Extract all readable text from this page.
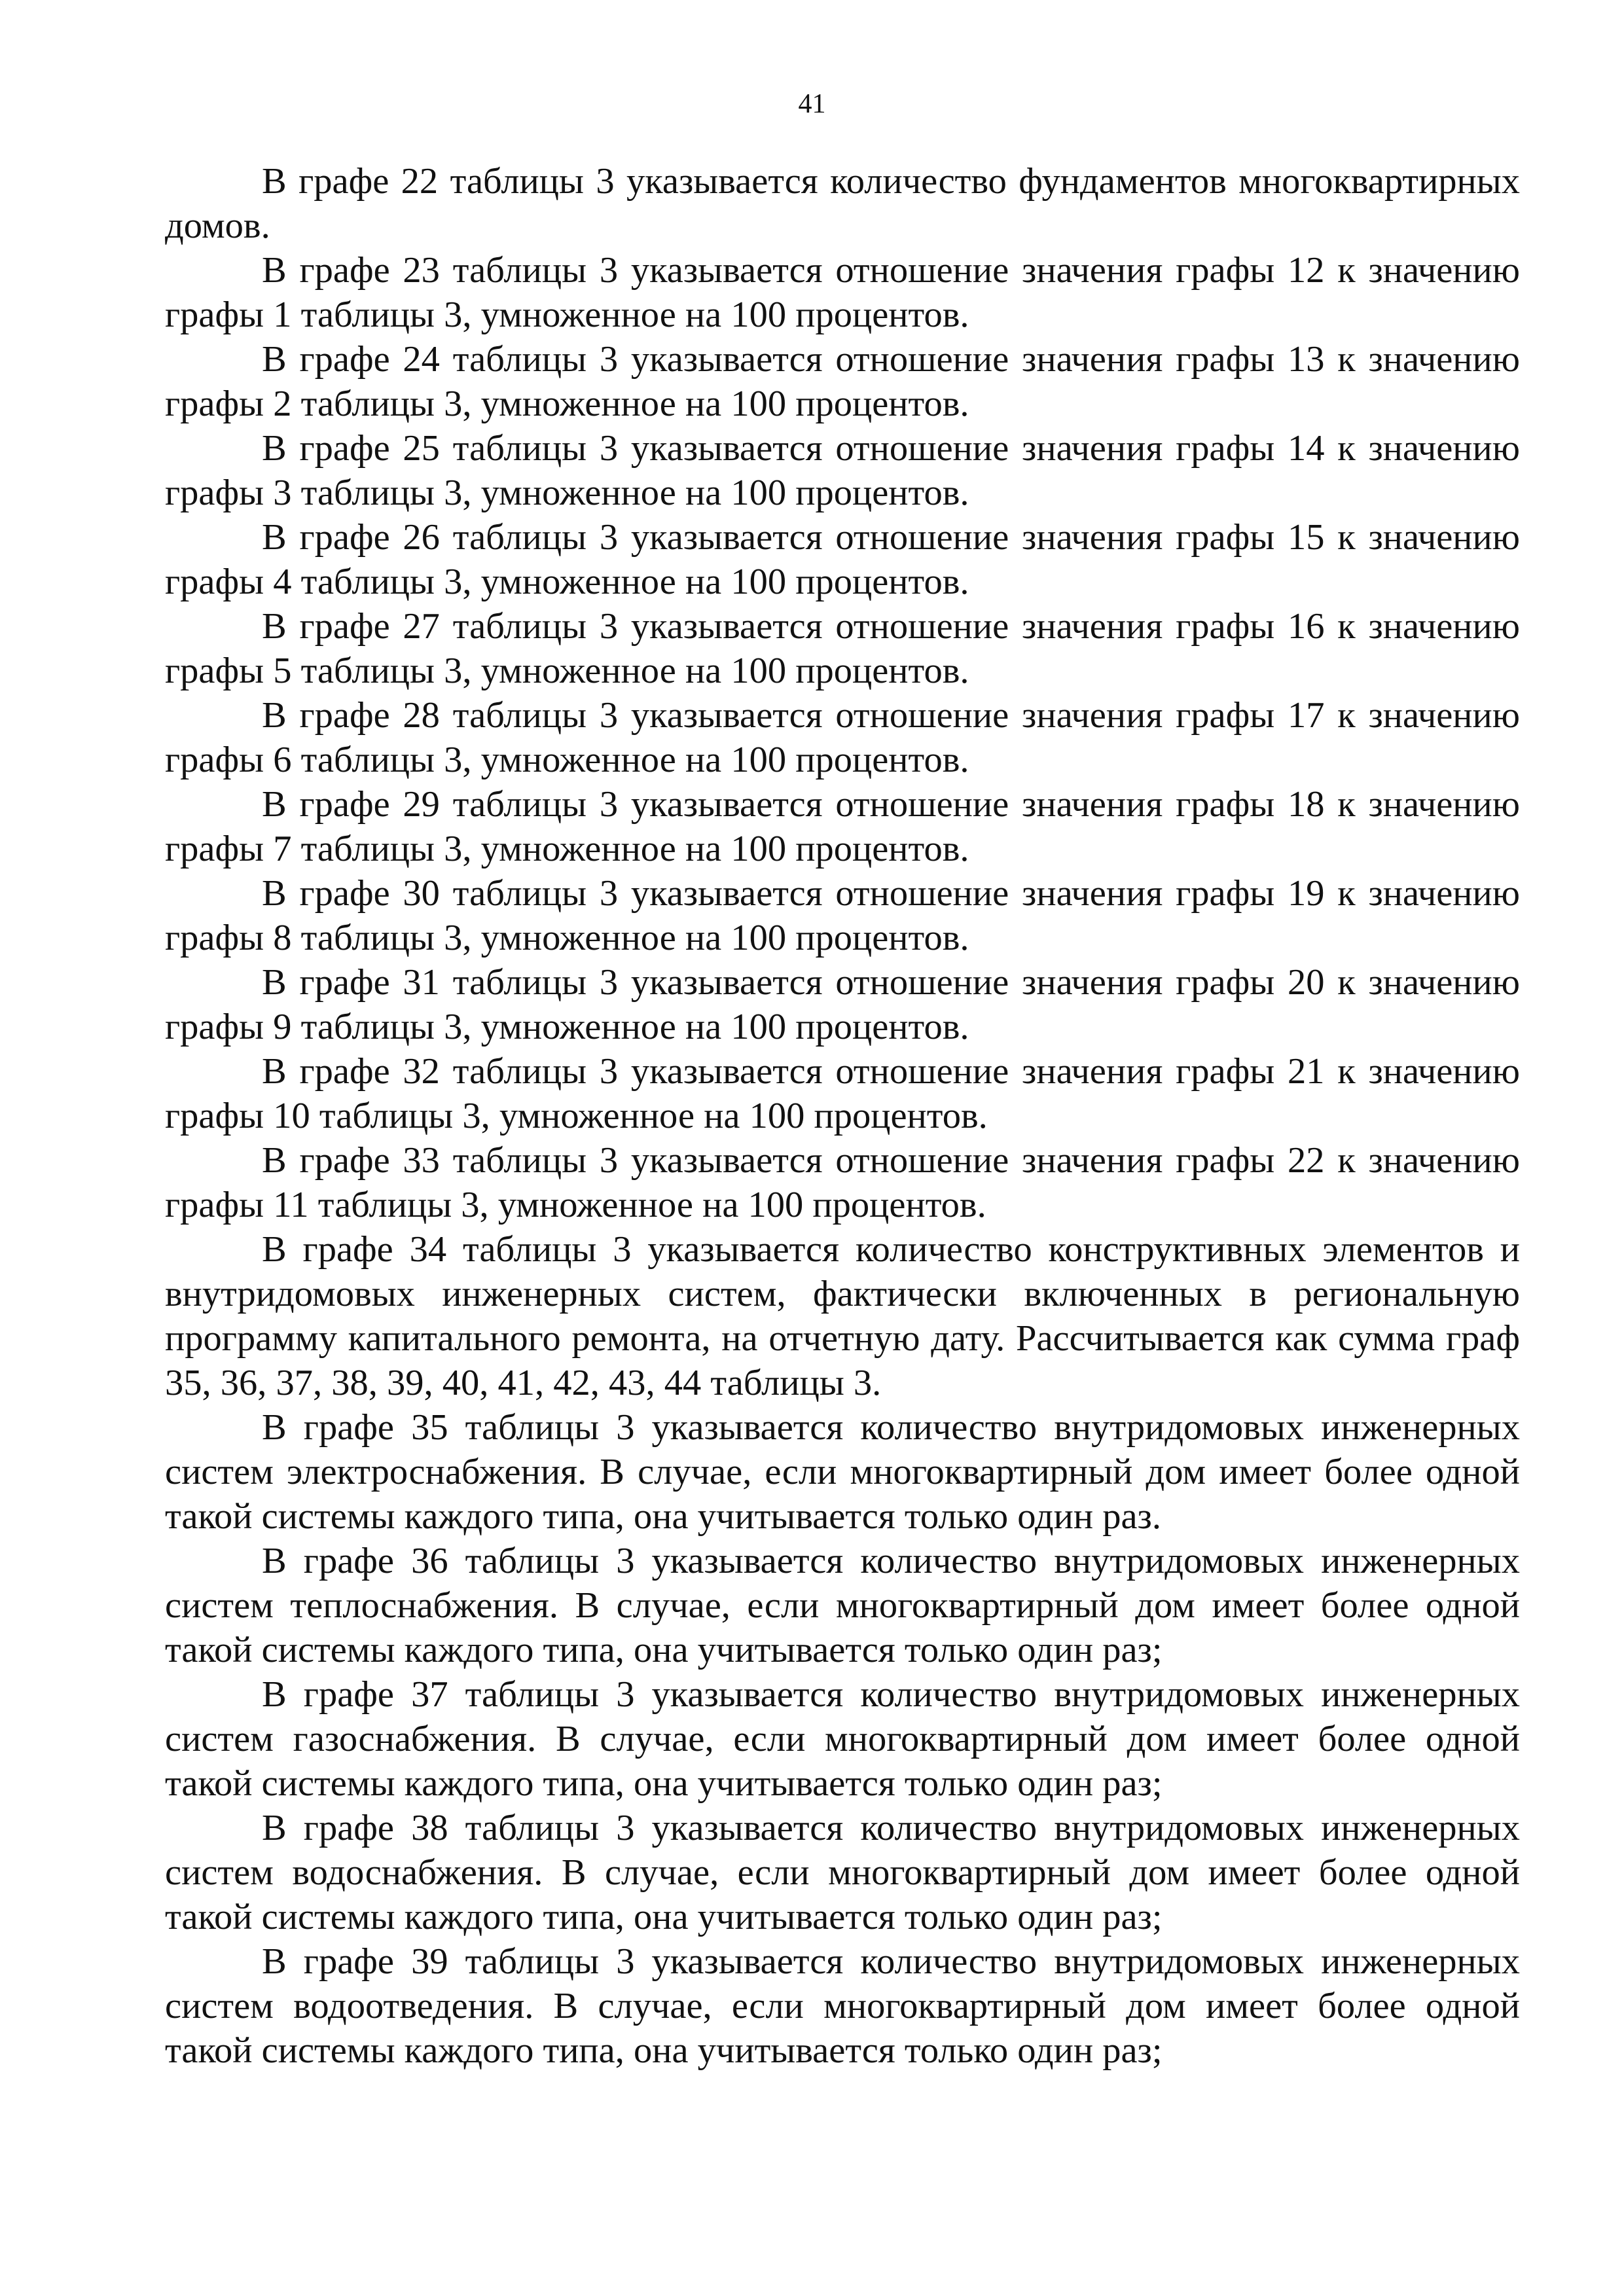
41

В графе 22 таблицы 3 указывается количество фундаментов многоквартирных домов.

В графе 23 таблицы 3 указывается отношение значения графы 12 к значению графы 1 таблицы 3, умноженное на 100 процентов.

В графе 24 таблицы 3 указывается отношение значения графы 13 к значению графы 2 таблицы 3, умноженное на 100 процентов.

В графе 25 таблицы 3 указывается отношение значения графы 14 к значению графы 3 таблицы 3, умноженное на 100 процентов.

В графе 26 таблицы 3 указывается отношение значения графы 15 к значению графы 4 таблицы 3, умноженное на 100 процентов.

В графе 27 таблицы 3 указывается отношение значения графы 16 к значению графы 5 таблицы 3, умноженное на 100 процентов.

В графе 28 таблицы 3 указывается отношение значения графы 17 к значению графы 6 таблицы 3, умноженное на 100 процентов.

В графе 29 таблицы 3 указывается отношение значения графы 18 к значению графы 7 таблицы 3, умноженное на 100 процентов.

В графе 30 таблицы 3 указывается отношение значения графы 19 к значению графы 8 таблицы 3, умноженное на 100 процентов.

В графе 31 таблицы 3 указывается отношение значения графы 20 к значению графы 9 таблицы 3, умноженное на 100 процентов.

В графе 32 таблицы 3 указывается отношение значения графы 21 к значению графы 10 таблицы 3, умноженное на 100 процентов.

В графе 33 таблицы 3 указывается отношение значения графы 22 к значению графы 11 таблицы 3, умноженное на 100 процентов.

В графе 34 таблицы 3 указывается количество конструктивных элементов и внутридомовых инженерных систем, фактически включенных в региональную программу капитального ремонта, на отчетную дату. Рассчитывается как сумма граф 35, 36, 37, 38, 39, 40, 41, 42, 43, 44 таблицы 3.

В графе 35 таблицы 3 указывается количество внутридомовых инженерных систем электроснабжения. В случае, если многоквартирный дом имеет более одной такой системы каждого типа, она учитывается только один раз.

В графе 36 таблицы 3 указывается количество внутридомовых инженерных систем теплоснабжения. В случае, если многоквартирный дом имеет более одной такой системы каждого типа, она учитывается только один раз;

В графе 37 таблицы 3 указывается количество внутридомовых инженерных систем газоснабжения. В случае, если многоквартирный дом имеет более одной такой системы каждого типа, она учитывается только один раз;

В графе 38 таблицы 3 указывается количество внутридомовых инженерных систем водоснабжения. В случае, если многоквартирный дом имеет более одной такой системы каждого типа, она учитывается только один раз;

В графе 39 таблицы 3 указывается количество внутридомовых инженерных систем водоотведения. В случае, если многоквартирный дом имеет более одной такой системы каждого типа, она учитывается только один раз;
